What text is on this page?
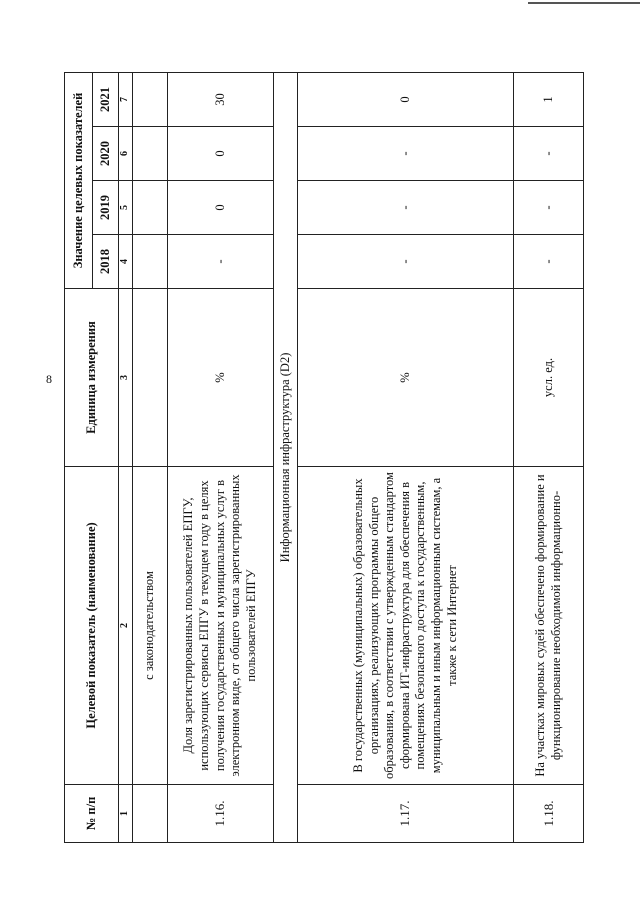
8
№ п/п	Целевой показатель (наименование)	Единица измерения	Значение целевых показателей			
			2018	2019	2020	2021
1	2	3	4	5	6	7
	с законодательством					
1.16.	Доля зарегистрированных пользователей ЕПГУ, использующих сервисы ЕПГУ в текущем году в целях получения государственных и муниципальных услуг в электронном виде, от общего числа зарегистрированных пользователей ЕПГУ	%	-	0	0	30
Информационная инфраструктура (D2)						
1.17.	В государственных (муниципальных) образовательных организациях, реализующих программы общего образования, в соответствии с утвержденным стандартом сформирована ИТ-инфраструктура для обеспечения в помещениях безопасного доступа к государственным, муниципальным и иным информационным системам, а также к сети Интернет	%	-	-	-	0
1.18.	На участках мировых судей обеспечено формирование и функционирование необходимой информационно-	усл. ед.	-	-	-	1
